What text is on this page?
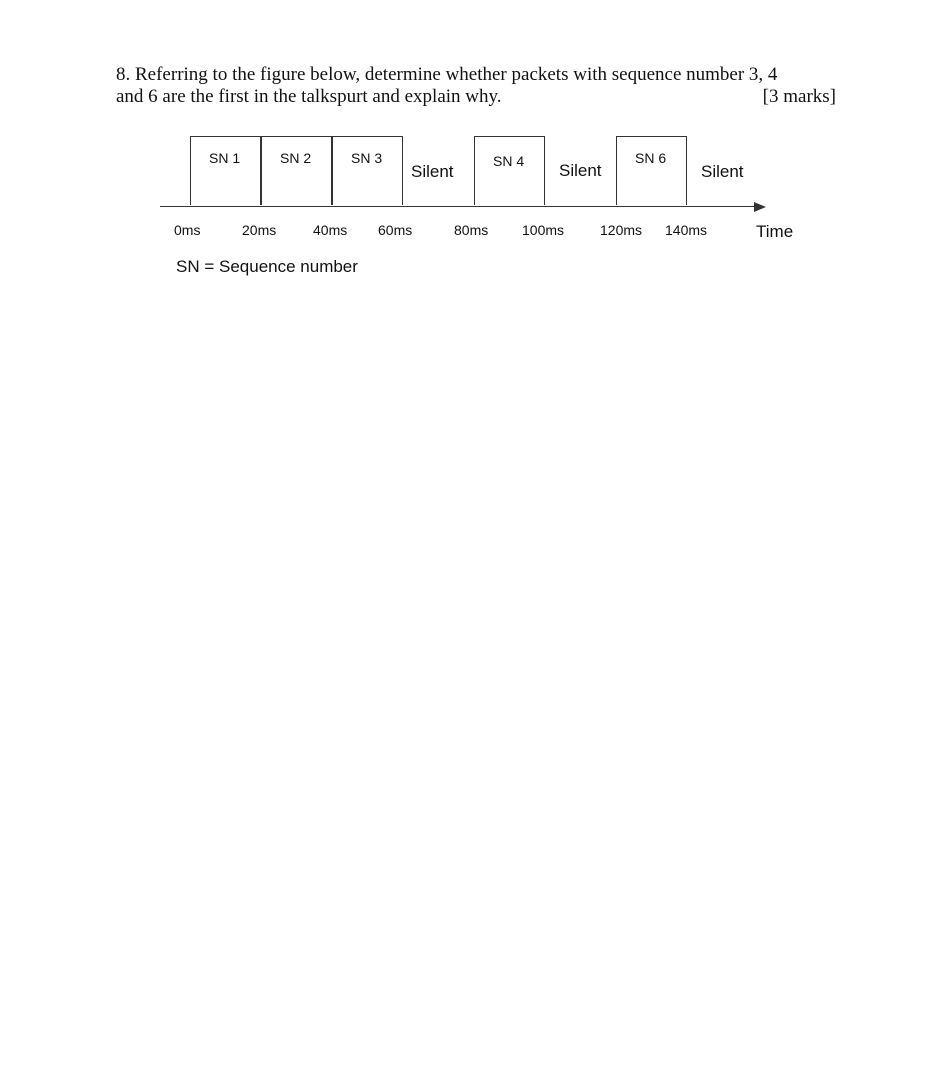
8. Referring to the figure below, determine whether packets with sequence number 3, 4
and 6 are the first in the talkspurt and explain why.	[3 marks]
SN 1	SN 2	SN 3	SN 4	SN 6
Silent	Silent	Silent
0ms	20ms	40ms 60ms	80ms 100ms	120ms 140ms	Time
SN = Sequence number
